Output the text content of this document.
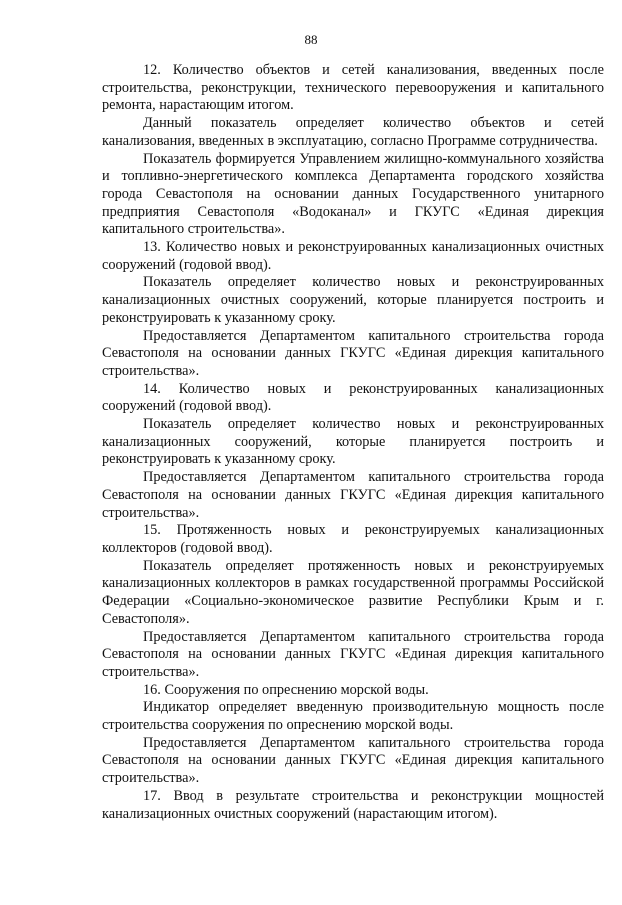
88

12. Количество объектов и сетей канализования, введенных после строительства, реконструкции, технического перевооружения и капитального ремонта, нарастающим итогом.

Данный показатель определяет количество объектов и сетей канализования, введенных в эксплуатацию, согласно Программе сотрудничества.

Показатель формируется Управлением жилищно-коммунального хозяйства и топливно-энергетического комплекса Департамента городского хозяйства города Севастополя на основании данных Государственного унитарного предприятия Севастополя «Водоканал» и ГКУГС «Единая дирекция капитального строительства».

13. Количество новых и реконструированных канализационных очистных сооружений (годовой ввод).

Показатель определяет количество новых и реконструированных канализационных очистных сооружений, которые планируется построить и реконструировать к указанному сроку.

Предоставляется Департаментом капитального строительства города Севастополя на основании данных ГКУГС «Единая дирекция капитального строительства».

14. Количество новых и реконструированных канализационных сооружений (годовой ввод).

Показатель определяет количество новых и реконструированных канализационных сооружений, которые планируется построить и реконструировать к указанному сроку.

Предоставляется Департаментом капитального строительства города Севастополя на основании данных ГКУГС «Единая дирекция капитального строительства».

15. Протяженность новых и реконструируемых канализационных коллекторов (годовой ввод).

Показатель определяет протяженность новых и реконструируемых канализационных коллекторов в рамках государственной программы Российской Федерации «Социально-экономическое развитие Республики Крым и г. Севастополя».

Предоставляется Департаментом капитального строительства города Севастополя на основании данных ГКУГС «Единая дирекция капитального строительства».

16. Сооружения по опреснению морской воды.

Индикатор определяет введенную производительную мощность после строительства сооружения по опреснению морской воды.

Предоставляется Департаментом капитального строительства города Севастополя на основании данных ГКУГС «Единая дирекция капитального строительства».

17. Ввод в результате строительства и реконструкции мощностей канализационных очистных сооружений (нарастающим итогом).
